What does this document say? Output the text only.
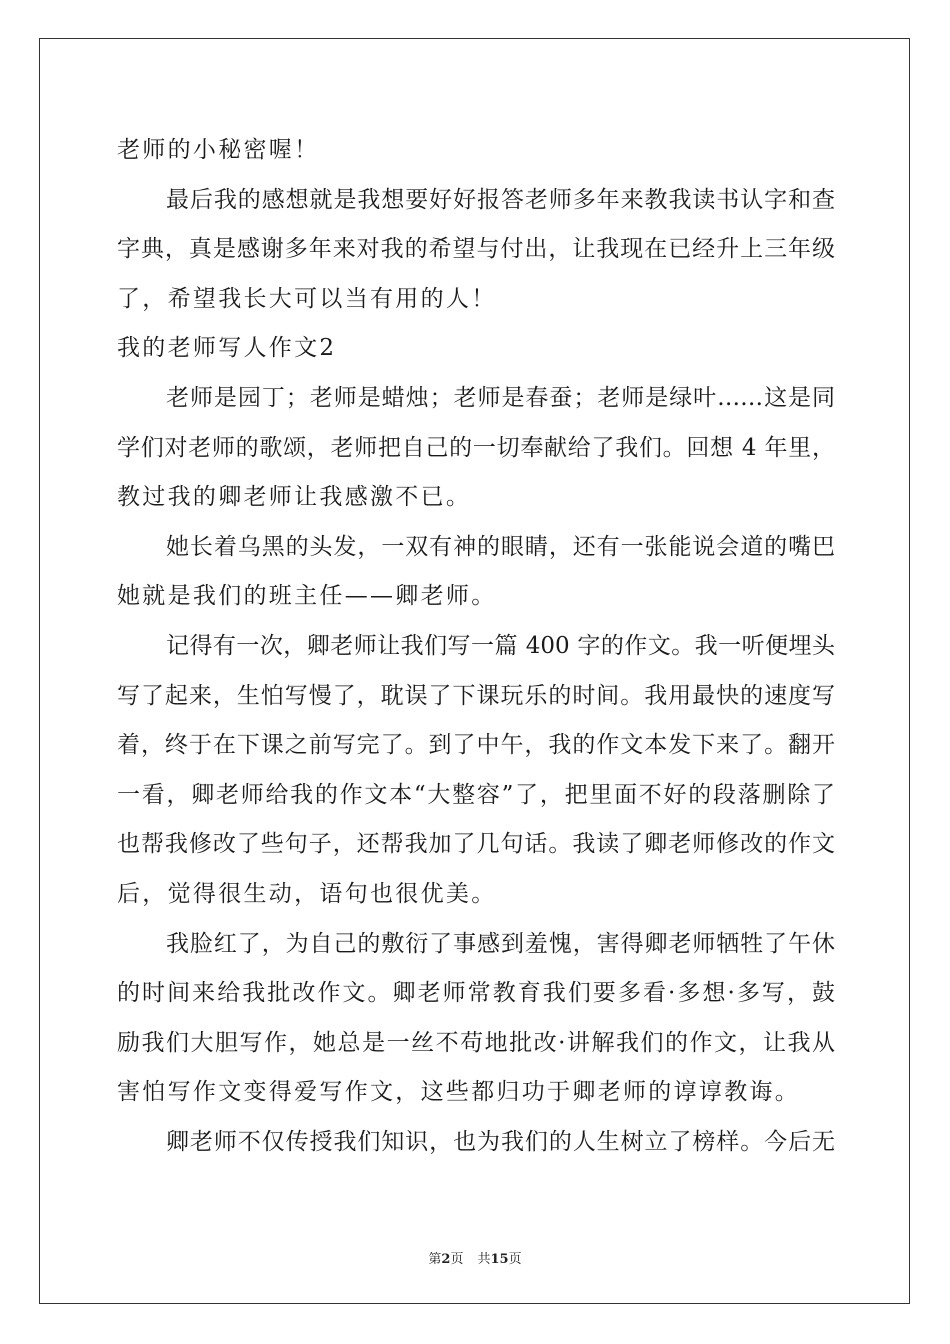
老师的小秘密喔！
最后我的感想就是我想要好好报答老师多年来教我读书认字和查
字典，真是感谢多年来对我的希望与付出，让我现在已经升上三年级
了，希望我长大可以当有用的人！
我的老师写人作文2
老师是园丁；老师是蜡烛；老师是春蚕；老师是绿叶……这是同
学们对老师的歌颂，老师把自己的一切奉献给了我们。回想 4 年里，
教过我的卿老师让我感激不已。
她长着乌黑的头发，一双有神的眼睛，还有一张能说会道的嘴巴
她就是我们的班主任——卿老师。
记得有一次，卿老师让我们写一篇 400 字的作文。我一听便埋头
写了起来，生怕写慢了，耽误了下课玩乐的时间。我用最快的速度写
着，终于在下课之前写完了。到了中午，我的作文本发下来了。翻开
一看，卿老师给我的作文本“大整容”了，把里面不好的段落删除了
也帮我修改了些句子，还帮我加了几句话。我读了卿老师修改的作文
后，觉得很生动，语句也很优美。
我脸红了，为自己的敷衍了事感到羞愧，害得卿老师牺牲了午休
的时间来给我批改作文。卿老师常教育我们要多看·多想·多写，鼓
励我们大胆写作，她总是一丝不苟地批改·讲解我们的作文，让我从
害怕写作文变得爱写作文，这些都归功于卿老师的谆谆教诲。
卿老师不仅传授我们知识，也为我们的人生树立了榜样。今后无
第2页 共15页
